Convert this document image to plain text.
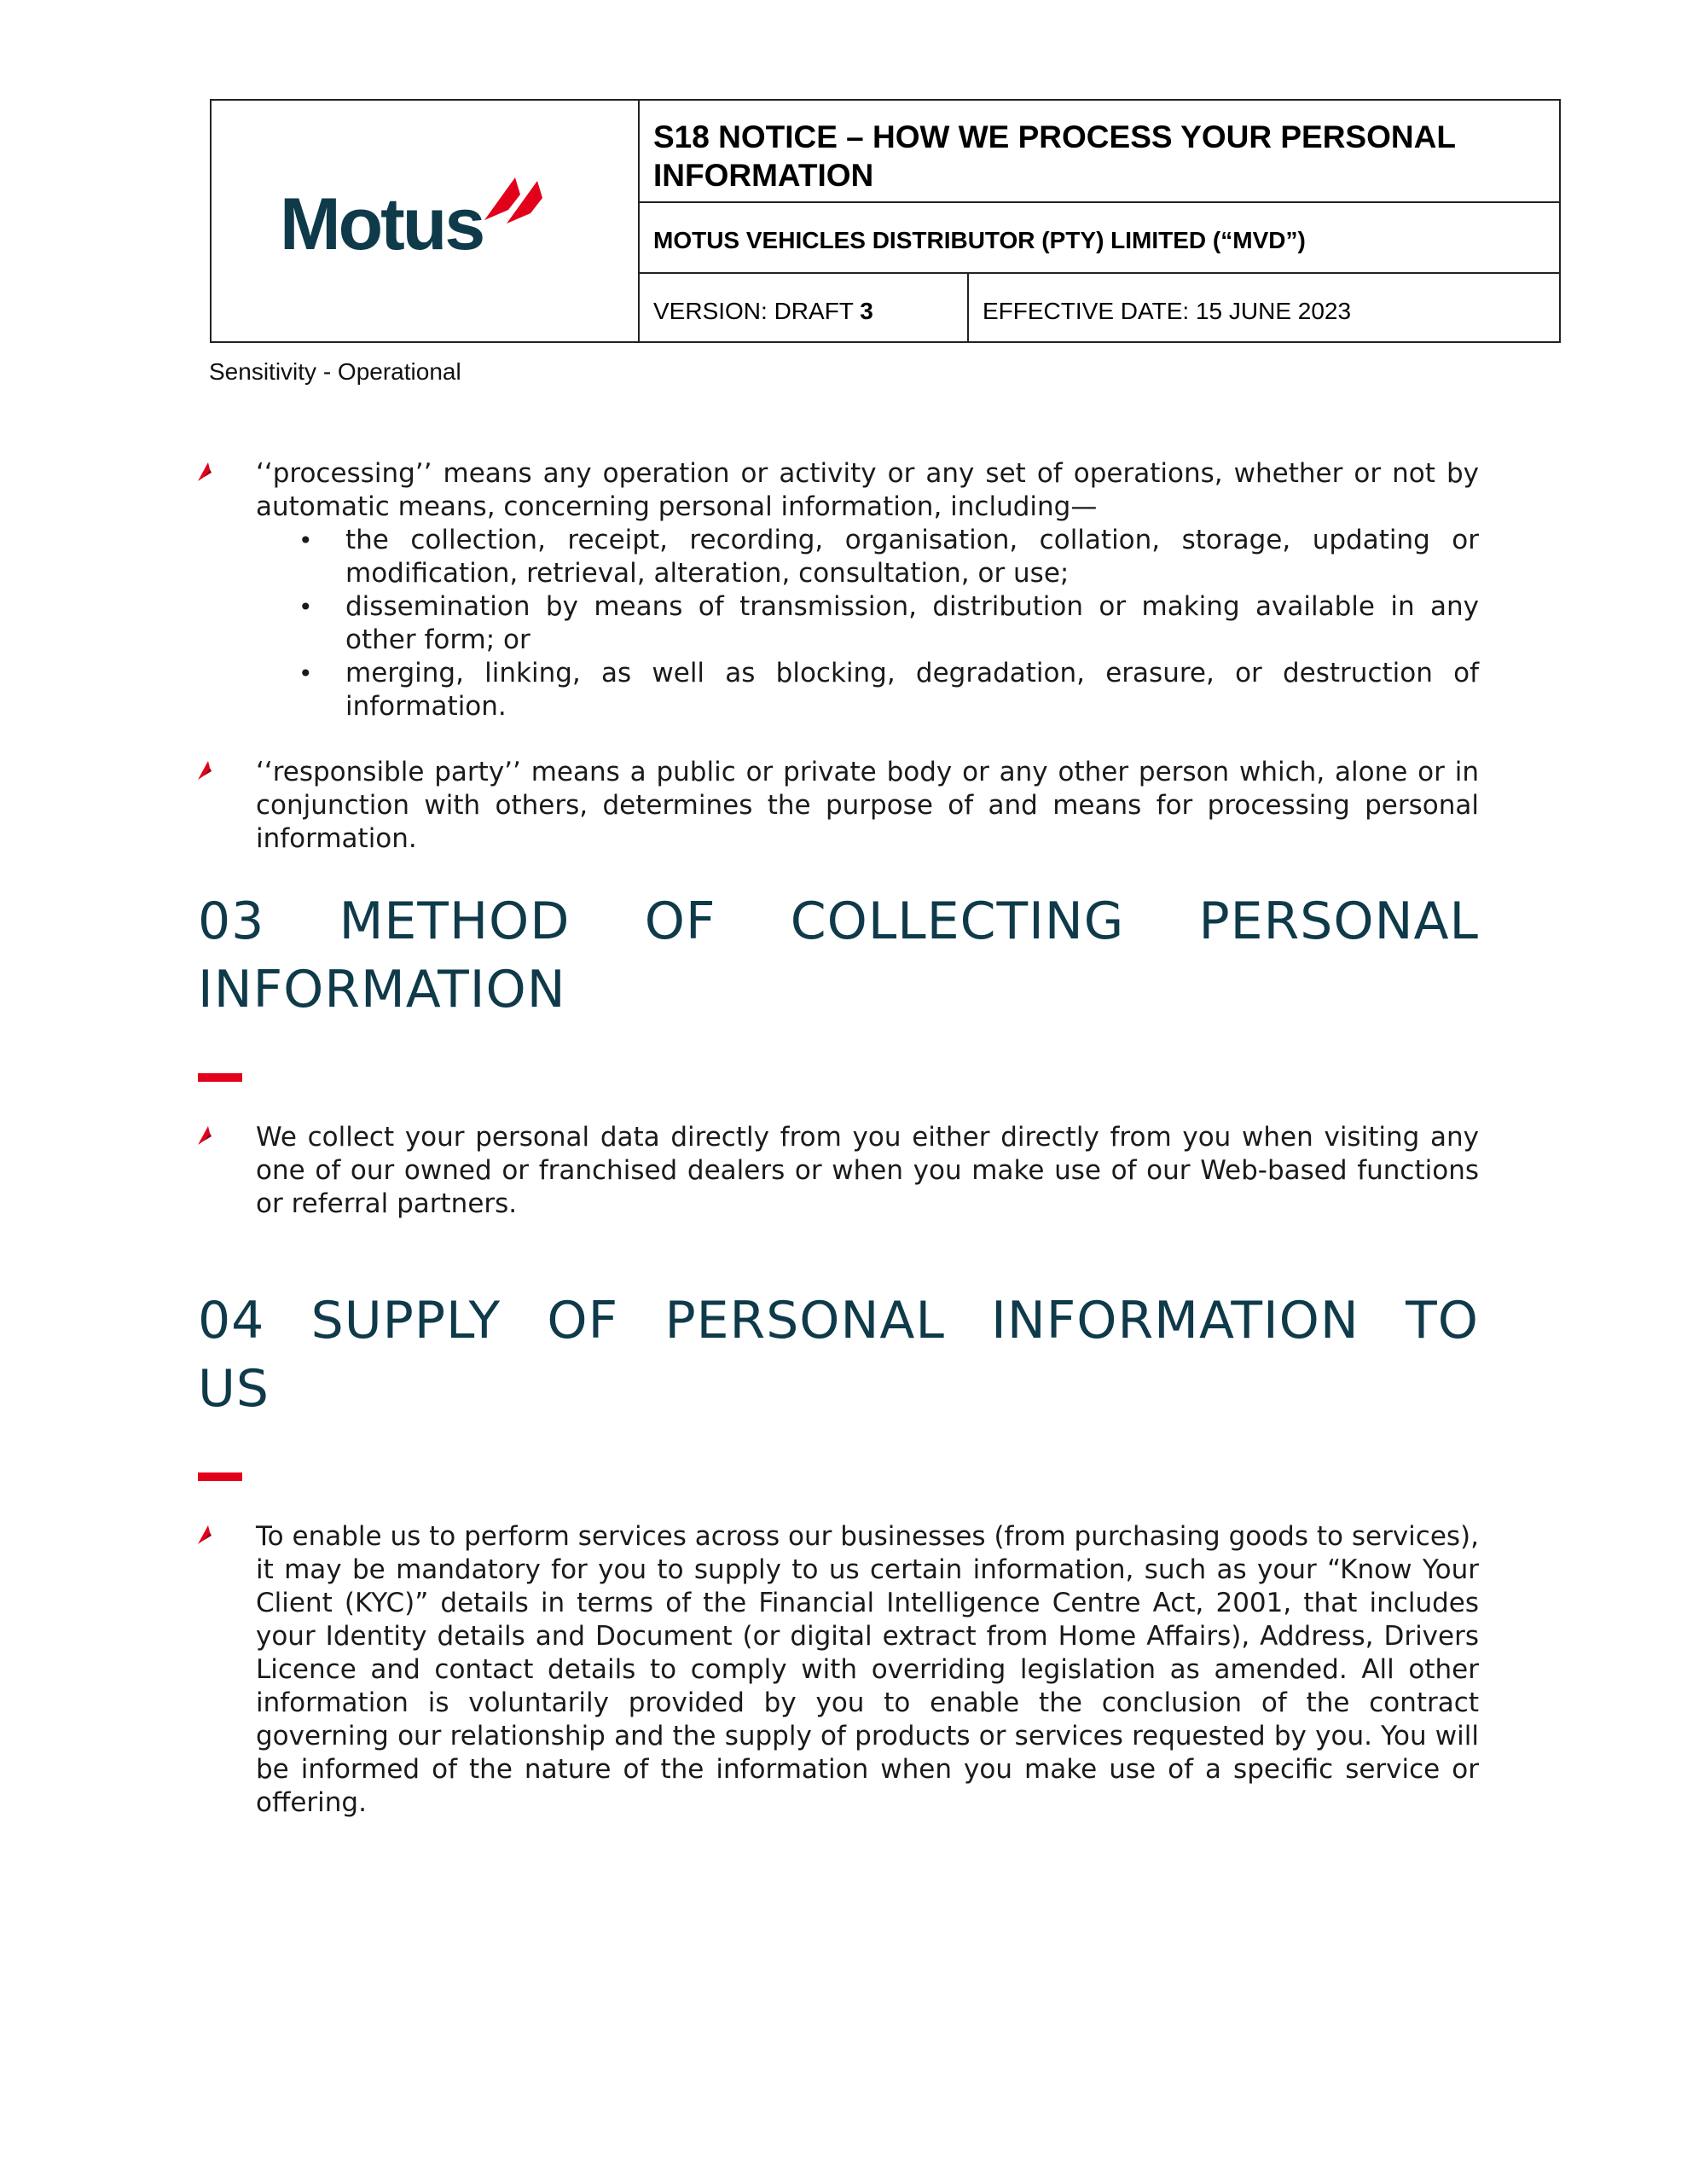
Motus
S18 NOTICE – HOW WE PROCESS YOUR PERSONAL INFORMATION
MOTUS VEHICLES DISTRIBUTOR (PTY) LIMITED (“MVD”)
VERSION: DRAFT 3	EFFECTIVE DATE: 15 JUNE 2023
Sensitivity - Operational
‘‘processing’’ means any operation or activity or any set of operations, whether or not by automatic means, concerning personal information, including—
• the collection, receipt, recording, organisation, collation, storage, updating or modification, retrieval, alteration, consultation, or use;
• dissemination by means of transmission, distribution or making available in any other form; or
• merging, linking, as well as blocking, degradation, erasure, or destruction of information.
‘‘responsible party’’ means a public or private body or any other person which, alone or in conjunction with others, determines the purpose of and means for processing personal information.
03 METHOD OF COLLECTING PERSONAL
INFORMATION
We collect your personal data directly from you either directly from you when visiting any one of our owned or franchised dealers or when you make use of our Web-based functions or referral partners.
04 SUPPLY OF PERSONAL INFORMATION TO
US
To enable us to perform services across our businesses (from purchasing goods to services), it may be mandatory for you to supply to us certain information, such as your “Know Your Client (KYC)” details in terms of the Financial Intelligence Centre Act, 2001, that includes your Identity details and Document (or digital extract from Home Affairs), Address, Drivers Licence and contact details to comply with overriding legislation as amended. All other information is voluntarily provided by you to enable the conclusion of the contract governing our relationship and the supply of products or services requested by you. You will be informed of the nature of the information when you make use of a specific service or offering.
